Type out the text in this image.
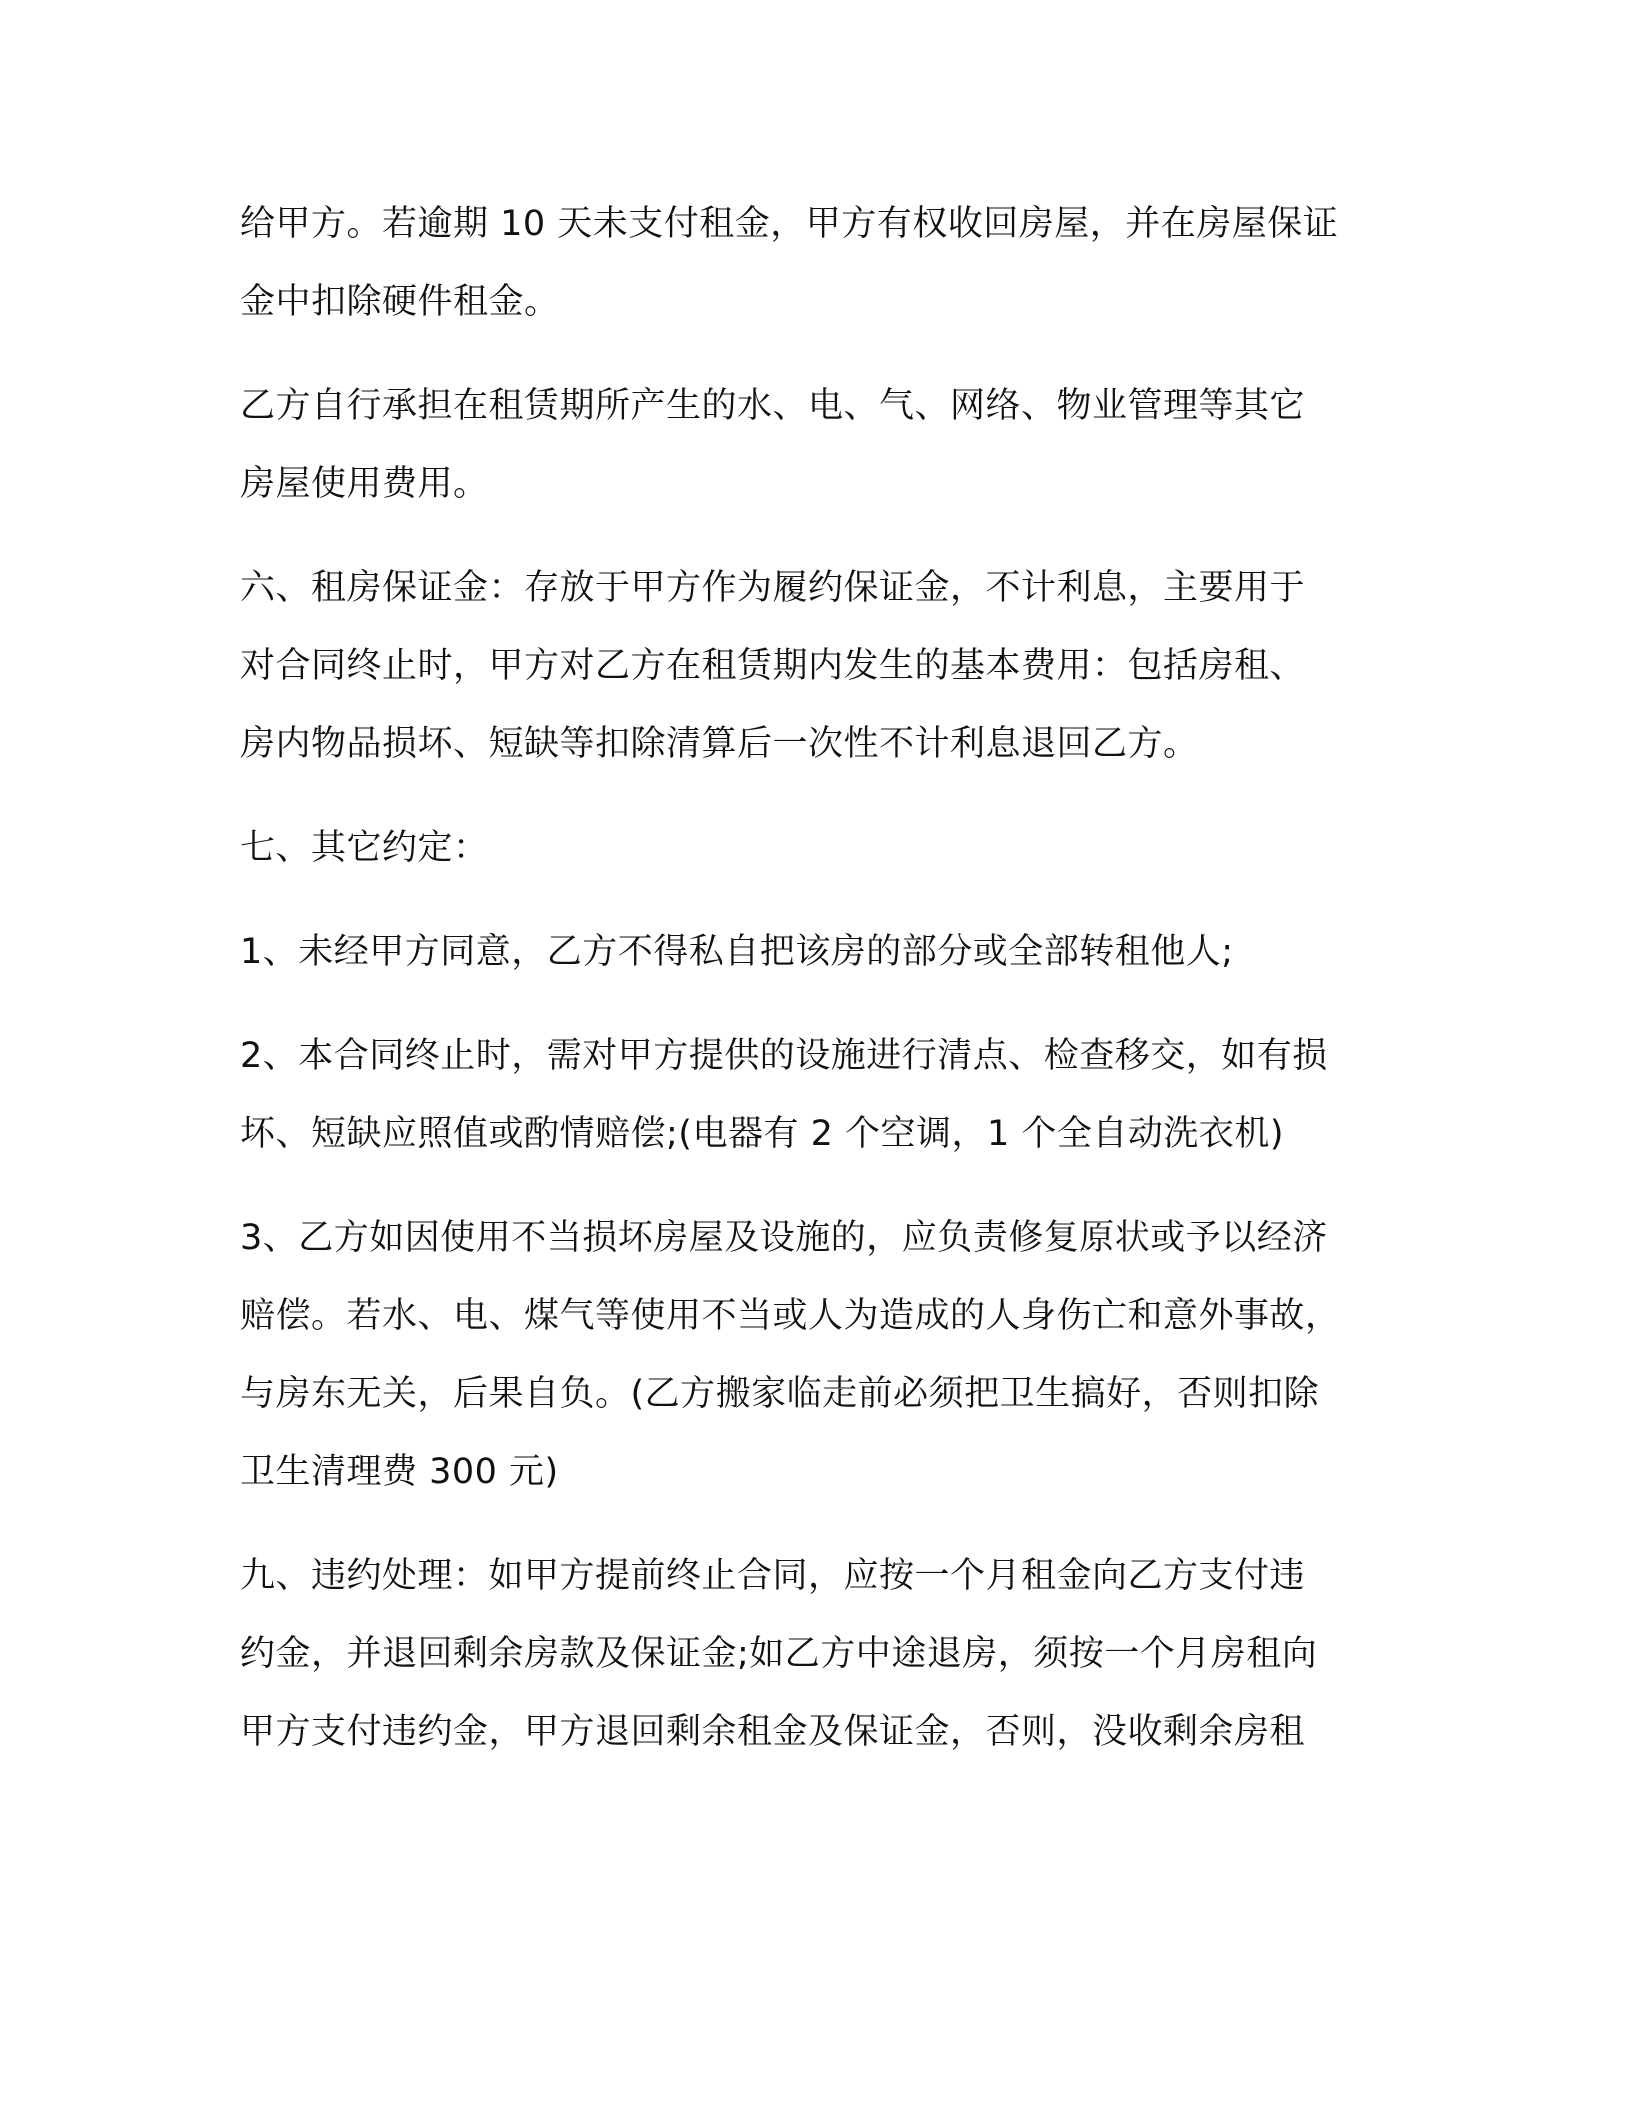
给甲方。若逾期 10 天未支付租金，甲方有权收回房屋，并在房屋保证
金中扣除硬件租金。

乙方自行承担在租赁期所产生的水、电、气、网络、物业管理等其它
房屋使用费用。

六、租房保证金：存放于甲方作为履约保证金，不计利息，主要用于
对合同终止时，甲方对乙方在租赁期内发生的基本费用：包括房租、
房内物品损坏、短缺等扣除清算后一次性不计利息退回乙方。

七、其它约定：

1、未经甲方同意，乙方不得私自把该房的部分或全部转租他人;

2、本合同终止时，需对甲方提供的设施进行清点、检查移交，如有损
坏、短缺应照值或酌情赔偿;(电器有 2 个空调，1 个全自动洗衣机)

3、乙方如因使用不当损坏房屋及设施的，应负责修复原状或予以经济
赔偿。若水、电、煤气等使用不当或人为造成的人身伤亡和意外事故，
与房东无关，后果自负。(乙方搬家临走前必须把卫生搞好，否则扣除
卫生清理费 300 元)

九、违约处理：如甲方提前终止合同，应按一个月租金向乙方支付违
约金，并退回剩余房款及保证金;如乙方中途退房，须按一个月房租向
甲方支付违约金，甲方退回剩余租金及保证金，否则，没收剩余房租
